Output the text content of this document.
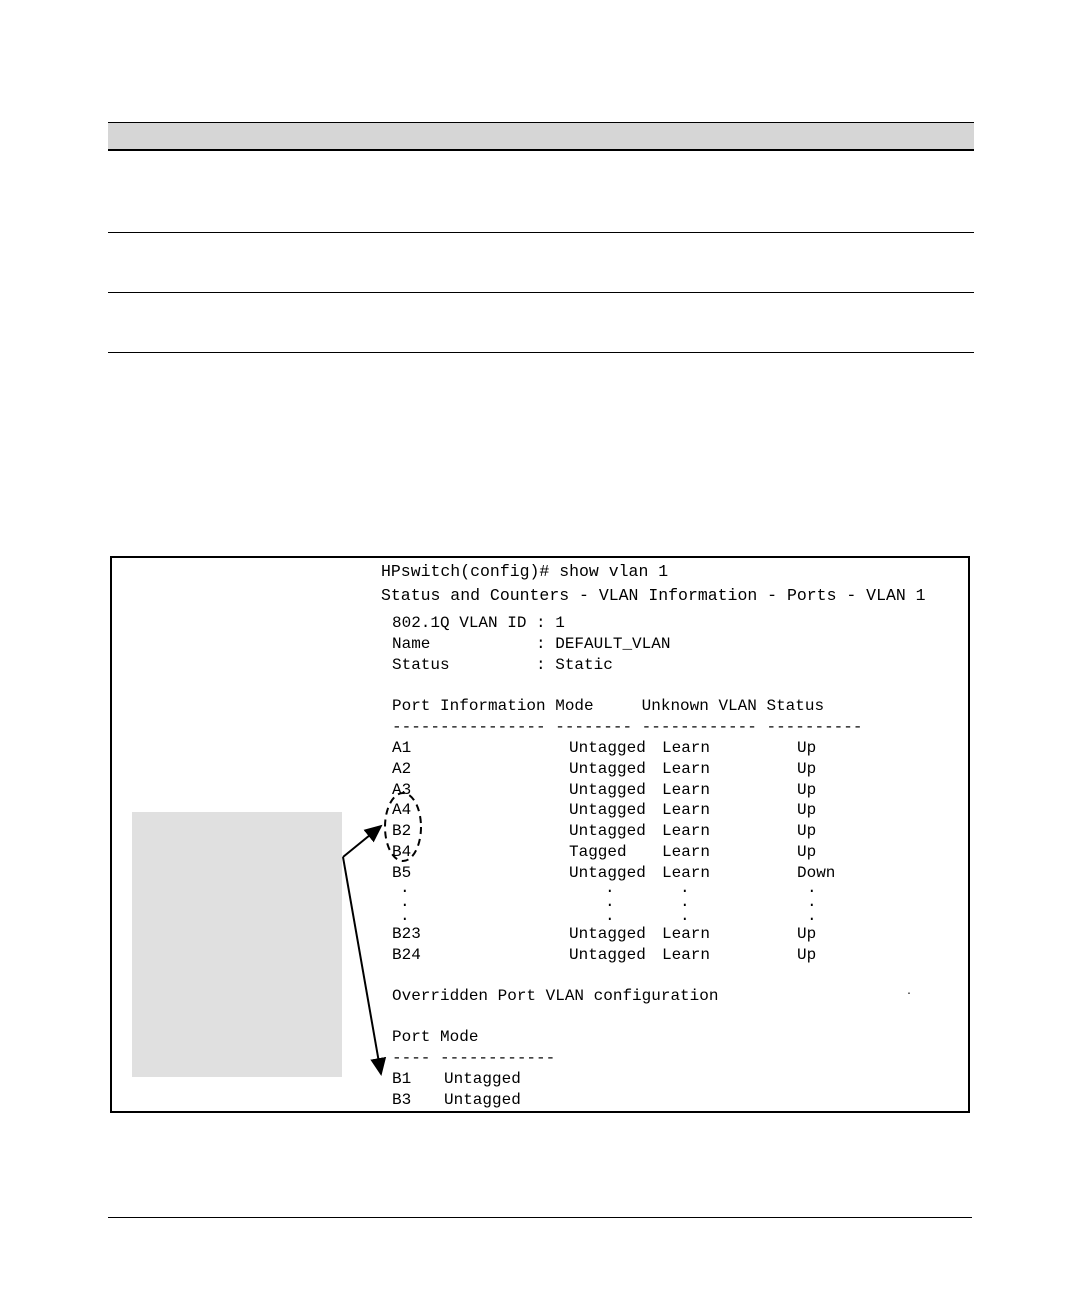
HPswitch(config)# show vlan 1
Status and Counters - VLAN Information - Ports - VLAN 1
802.1Q VLAN ID : 1
Name           : DEFAULT_VLAN
Status         : Static
Port Information Mode     Unknown VLAN Status
---------------- -------- ------------ ----------
A1	Untagged Learn	Up
A2	Untagged Learn	Up
A3	Untagged Learn	Up
A4	Untagged Learn	Up
B2	Untagged Learn	Up
B4	Tagged Learn	Up
B5	Untagged Learn	Down
.	.	.	.
.	.	.	.
.	.	.	.
B23	Untagged Learn	Up
B24	Untagged Learn	Up
Overridden Port VLAN configuration	.
Port Mode
---- ------------
B1 Untagged
B3 Untagged
